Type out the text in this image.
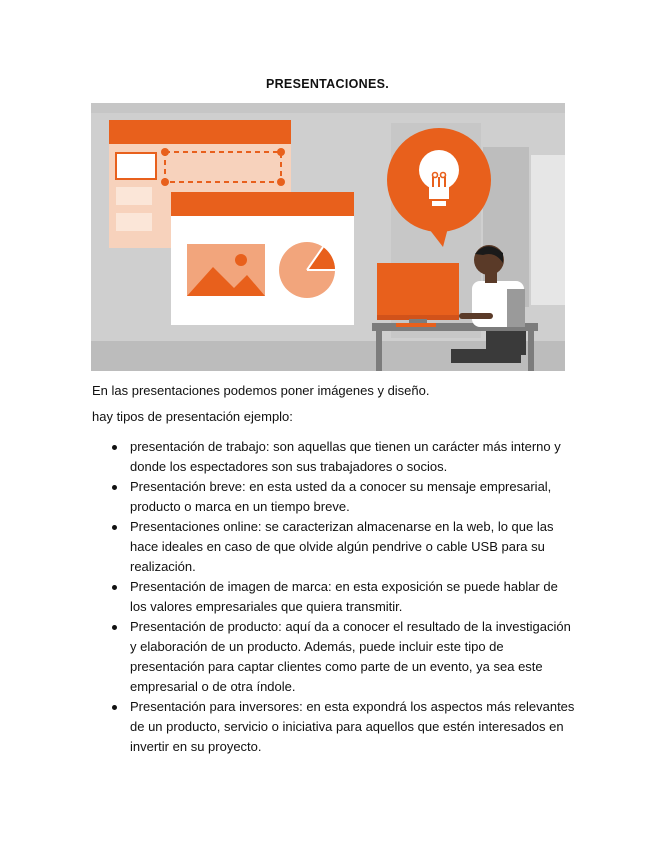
PRESENTACIONES.
En las presentaciones podemos poner imágenes y diseño.
hay tipos de presentación ejemplo:
presentación de trabajo: son aquellas que tienen un carácter más interno y donde los espectadores son sus trabajadores o socios.
Presentación breve: en esta usted da a conocer su mensaje empresarial, producto o marca en un tiempo breve.
Presentaciones online: se caracterizan almacenarse en la web, lo que las hace ideales en caso de que olvide algún pendrive o cable USB para su realización.
Presentación de imagen de marca: en esta exposición se puede hablar de los valores empresariales que quiera transmitir.
Presentación de producto: aquí da a conocer el resultado de la investigación y elaboración de un producto. Además, puede incluir este tipo de presentación para captar clientes como parte de un evento, ya sea este empresarial o de otra índole.
Presentación para inversores: en esta expondrá los aspectos más relevantes de un producto, servicio o iniciativa para aquellos que estén interesados en invertir en su proyecto.
